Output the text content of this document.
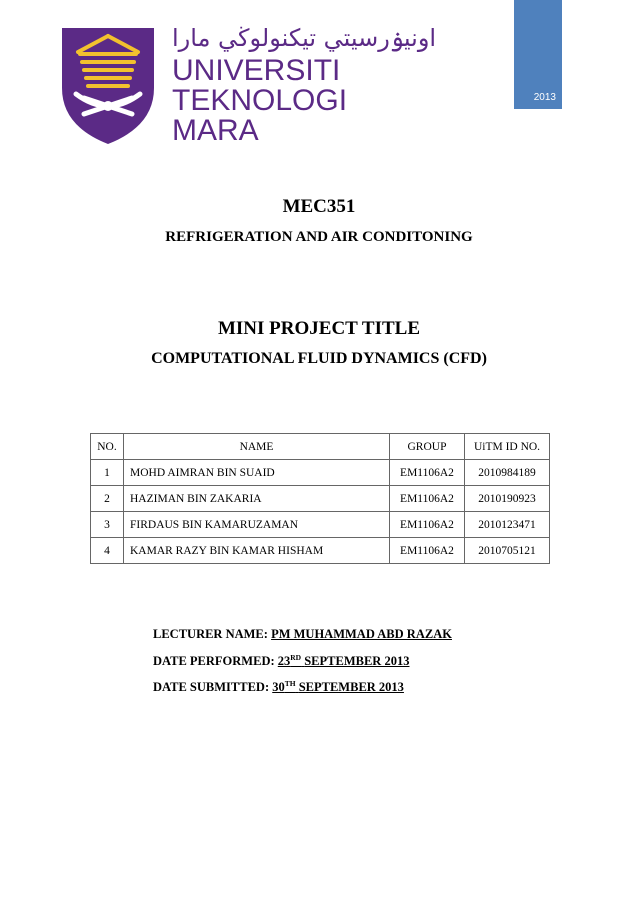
اونيۏرسيتي تيكنولوڬي مارا
UNIVERSITI
TEKNOLOGI
MARA
2013
MEC351
REFRIGERATION AND AIR CONDITONING
MINI PROJECT TITLE
COMPUTATIONAL FLUID DYNAMICS (CFD)
NO.	NAME	GROUP	UiTM ID NO.
1	MOHD AIMRAN BIN SUAID	EM1106A2	2010984189
2	HAZIMAN BIN ZAKARIA	EM1106A2	2010190923
3	FIRDAUS BIN KAMARUZAMAN	EM1106A2	2010123471
4	KAMAR RAZY BIN KAMAR HISHAM	EM1106A2	2010705121
LECTURER NAME: PM MUHAMMAD ABD RAZAK
DATE PERFORMED: 23RD SEPTEMBER 2013
DATE SUBMITTED: 30TH SEPTEMBER 2013
